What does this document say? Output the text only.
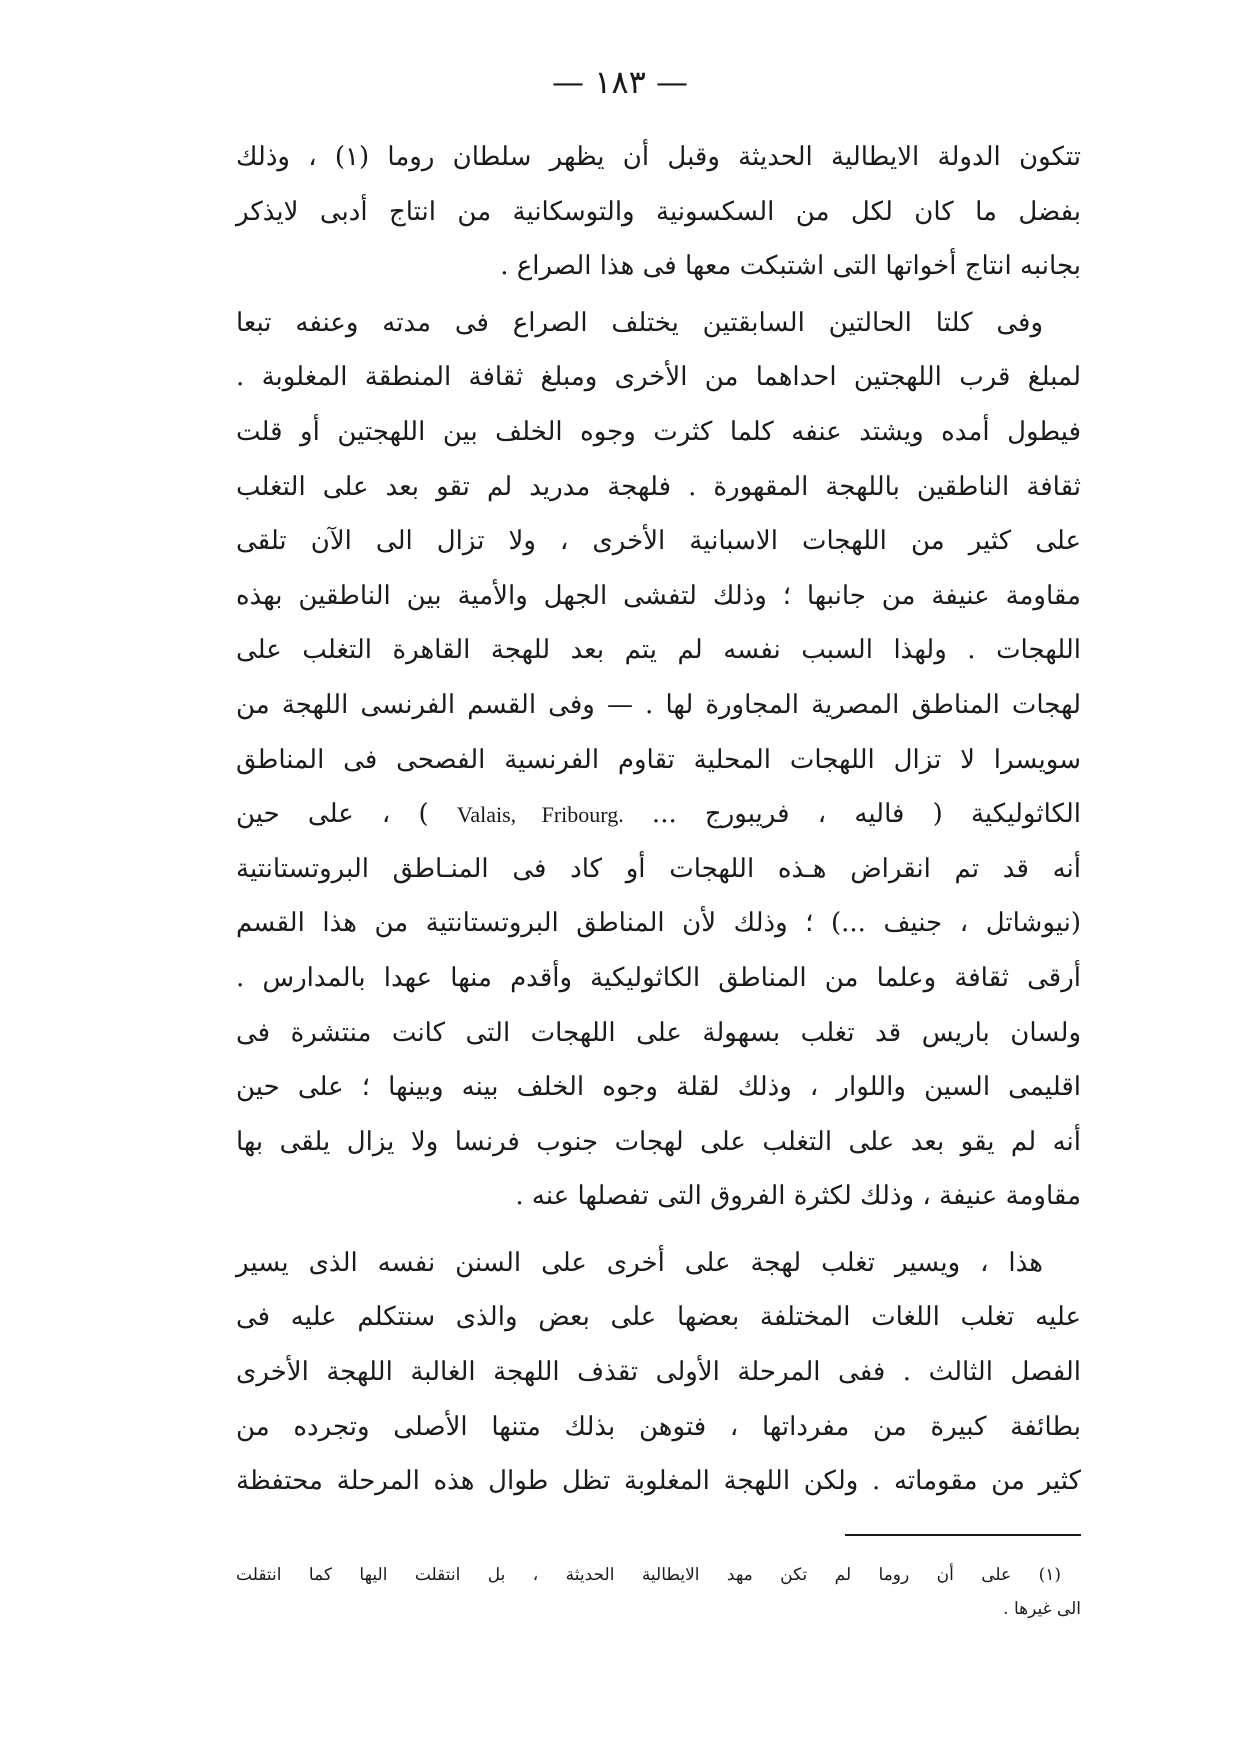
— ١٨٣ —
تتكون الدولة الايطالية الحديثة وقبل أن يظهر سلطان روما (١) ، وذلك
بفضل ما كان لكل من السكسونية والتوسكانية من انتاج أدبى لايذكر
بجانبه انتاج أخواتها التى اشتبكت معها فى هذا الصراع .
وفى كلتا الحالتين السابقتين يختلف الصراع فى مدته وعنفه تبعا
لمبلغ قرب اللهجتين احداهما من الأخرى ومبلغ ثقافة المنطقة المغلوبة .
فيطول أمده ويشتد عنفه كلما كثرت وجوه الخلف بين اللهجتين أو قلت
ثقافة الناطقين باللهجة المقهورة . فلهجة مدريد لم تقو بعد على التغلب
على كثير من اللهجات الاسبانية الأخرى ، ولا تزال الى الآن تلقى
مقاومة عنيفة من جانبها ؛ وذلك لتفشى الجهل والأمية بين الناطقين بهذه
اللهجات . ولهذا السبب نفسه لم يتم بعد للهجة القاهرة التغلب على
لهجات المناطق المصرية المجاورة لها . — وفى القسم الفرنسى اللهجة من
سويسرا لا تزال اللهجات المحلية تقاوم الفرنسية الفصحى فى المناطق
الكاثوليكية ( فاليه ، فريبورج ... Valais, Fribourg. ) ، على حين
أنه قد تم انقراض هـذه اللهجات أو كاد فى المنـاطق البروتستانتية
(نيوشاتل ، جنيف ...) ؛ وذلك لأن المناطق البروتستانتية من هذا القسم
أرقى ثقافة وعلما من المناطق الكاثوليكية وأقدم منها عهدا بالمدارس .
ولسان باريس قد تغلب بسهولة على اللهجات التى كانت منتشرة فى
اقليمى السين واللوار ، وذلك لقلة وجوه الخلف بينه وبينها ؛ على حين
أنه لم يقو بعد على التغلب على لهجات جنوب فرنسا ولا يزال يلقى بها
مقاومة عنيفة ، وذلك لكثرة الفروق التى تفصلها عنه .
هذا ، ويسير تغلب لهجة على أخرى على السنن نفسه الذى يسير
عليه تغلب اللغات المختلفة بعضها على بعض والذى سنتكلم عليه فى
الفصل الثالث . ففى المرحلة الأولى تقذف اللهجة الغالبة اللهجة الأخرى
بطائفة كبيرة من مفرداتها ، فتوهن بذلك متنها الأصلى وتجرده من
كثير من مقوماته . ولكن اللهجة المغلوبة تظل طوال هذه المرحلة محتفظة
(١) على أن روما لم تكن مهد الايطالية الحديثة ، بل انتقلت اليها كما انتقلت
الى غيرها .
